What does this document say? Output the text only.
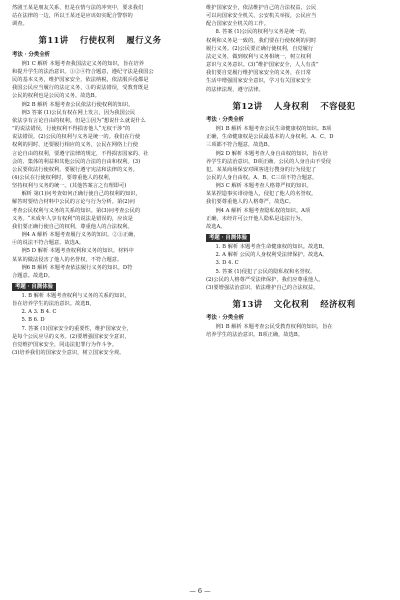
然剧王某是朋友关系，但是在情与法的冲突中，要求我们

站在法律的一边，所以王某还是应该如实配合警察的

调查。

第11讲 行使权利 履行义务
考法 · 分类全析

例1 C 解析 本题考查我国法定义务的知识，旨在培养

和提升学生的法治意识。①②④符合题意，遵纪守法是我国公

民的基本义务，维护国家安全，依法纳税，依法服兵役都是

我国公民应当履行的法定义务，③的说法错误，受教育既是

公民的权利也是公民的义务。故选B。

例2 B 解析 本题考查公民依法行使权利的知识。

例3 答案 (1)公民有权在网上发言，因为我国公民

依法享有言论自由的权利。但是①因为“想说什么就说什么

”的说法错误，行使权利不得损害他人“无权干涉”的

说法错误。(2)公民的权利与义务是统一的。我们在行使

权利的同时，还要履行相应的义务，公民在网络上行使

言论自由的权利，要遵守法律的规定，不得损害国家的、社

会的、集体的利益和其他公民的合法的自由和权利。(3)

公民要依法行使权利，要履行遵守宪法和法律的义务。

(4)公民在行使权利时，要尊重他人的权利，

坚持权利与义务的统一。(其他答案言之有理即可)

解析 第(1)问考查如何正确行使自己的权利的知识，

解答时要结合材料中公民的言论与行为分析。第(2)问

考查公民权利与义务的关系的知识。第(3)问考查公民的

义务。“未成年人享有权利”的说法是错误的，应该是

我们要正确行使自己的权利，尊重他人的合法权利。

例4 A 解析 本题考查履行义务的知识。②③正确，

④的说法不符合题意。故选A。

例5 D 解析 本题考查权利和义务的知识。材料中

某某的做法侵害了他人的名誉权，不符合题意。

例6 B 解析 本题考查依法履行义务的知识。D符

合题意。故选D。

考题 · 自测体验

1. B 解析 本题考查权利与义务的关系的知识，

旨在培养学生的法治意识。故选B。

2. A 3. B 4. C

5. B 6. D

7. 答案 (1)国家安全的重要性，维护国家安全，

是每个公民应尽的义务。(2)要增强国家安全意识，

自觉维护国家安全，同违法犯罪行为作斗争。

(3)培养我们的国家安全意识，树立国家安全观。

维护国家安全，依法维护自己的合法权益，公民

可以向国家安全机关、公安机关举报，公民应当

配合国家安全机关的工作。

8. 答案 (1)公民的权利与义务是统一的，

权利和义务是一致的，我们要在行使权利的同时

履行义务。(2)公民要正确行使权利，自觉履行

法定义务，做到权利与义务相统一，树立权利

意识与义务意识。(3)“维护国家安全，人人有责”

我们要自觉履行维护国家安全的义务，在日常

生活中增强国家安全意识，学习有关国家安全

的法律法规，遵守法律。

第12讲 人身权利 不容侵犯
考法 · 分类全析

例1 B 解析 本题考查公民生命健康权的知识。B项

正确，生命健康权是公民最基本的人身权利。A、C、D

三项都不符合题意，故选B。

例2 D 解析 本题考查人身自由权的知识，旨在培

养学生的法治意识。D项正确，公民的人身自由不受侵

犯。某某商场保安对顾客进行搜身的行为侵犯了

公民的人身自由权。A、B、C三项不符合题意。

例3 C 解析 本题考查人格尊严权的知识。

某某捏造事实诽谤他人，侵犯了他人的名誉权。

我们要尊重他人的人格尊严，故选C。

例4 A 解析 本题考查隐私权的知识。A项

正确，未经许可公开他人隐私是违法行为。

故选A。

考题 · 自测体验

1. B 解析 本题考查生命健康权的知识。故选B。

2. A 解析 公民的人身权利受法律保护。故选A。

3. D 4. C

5. 答案 (1)侵犯了公民的隐私权和名誉权。

(2)公民的人格尊严受法律保护，我们应尊重他人。

(3)要增强法治意识，依法维护自己的合法权益。

第13讲 文化权利 经济权利
考法 · 分类全析

例1 B 解析 本题考查公民受教育权利的知识，旨在

培养学生的法治意识。B项正确，故选B。

— 6 —
